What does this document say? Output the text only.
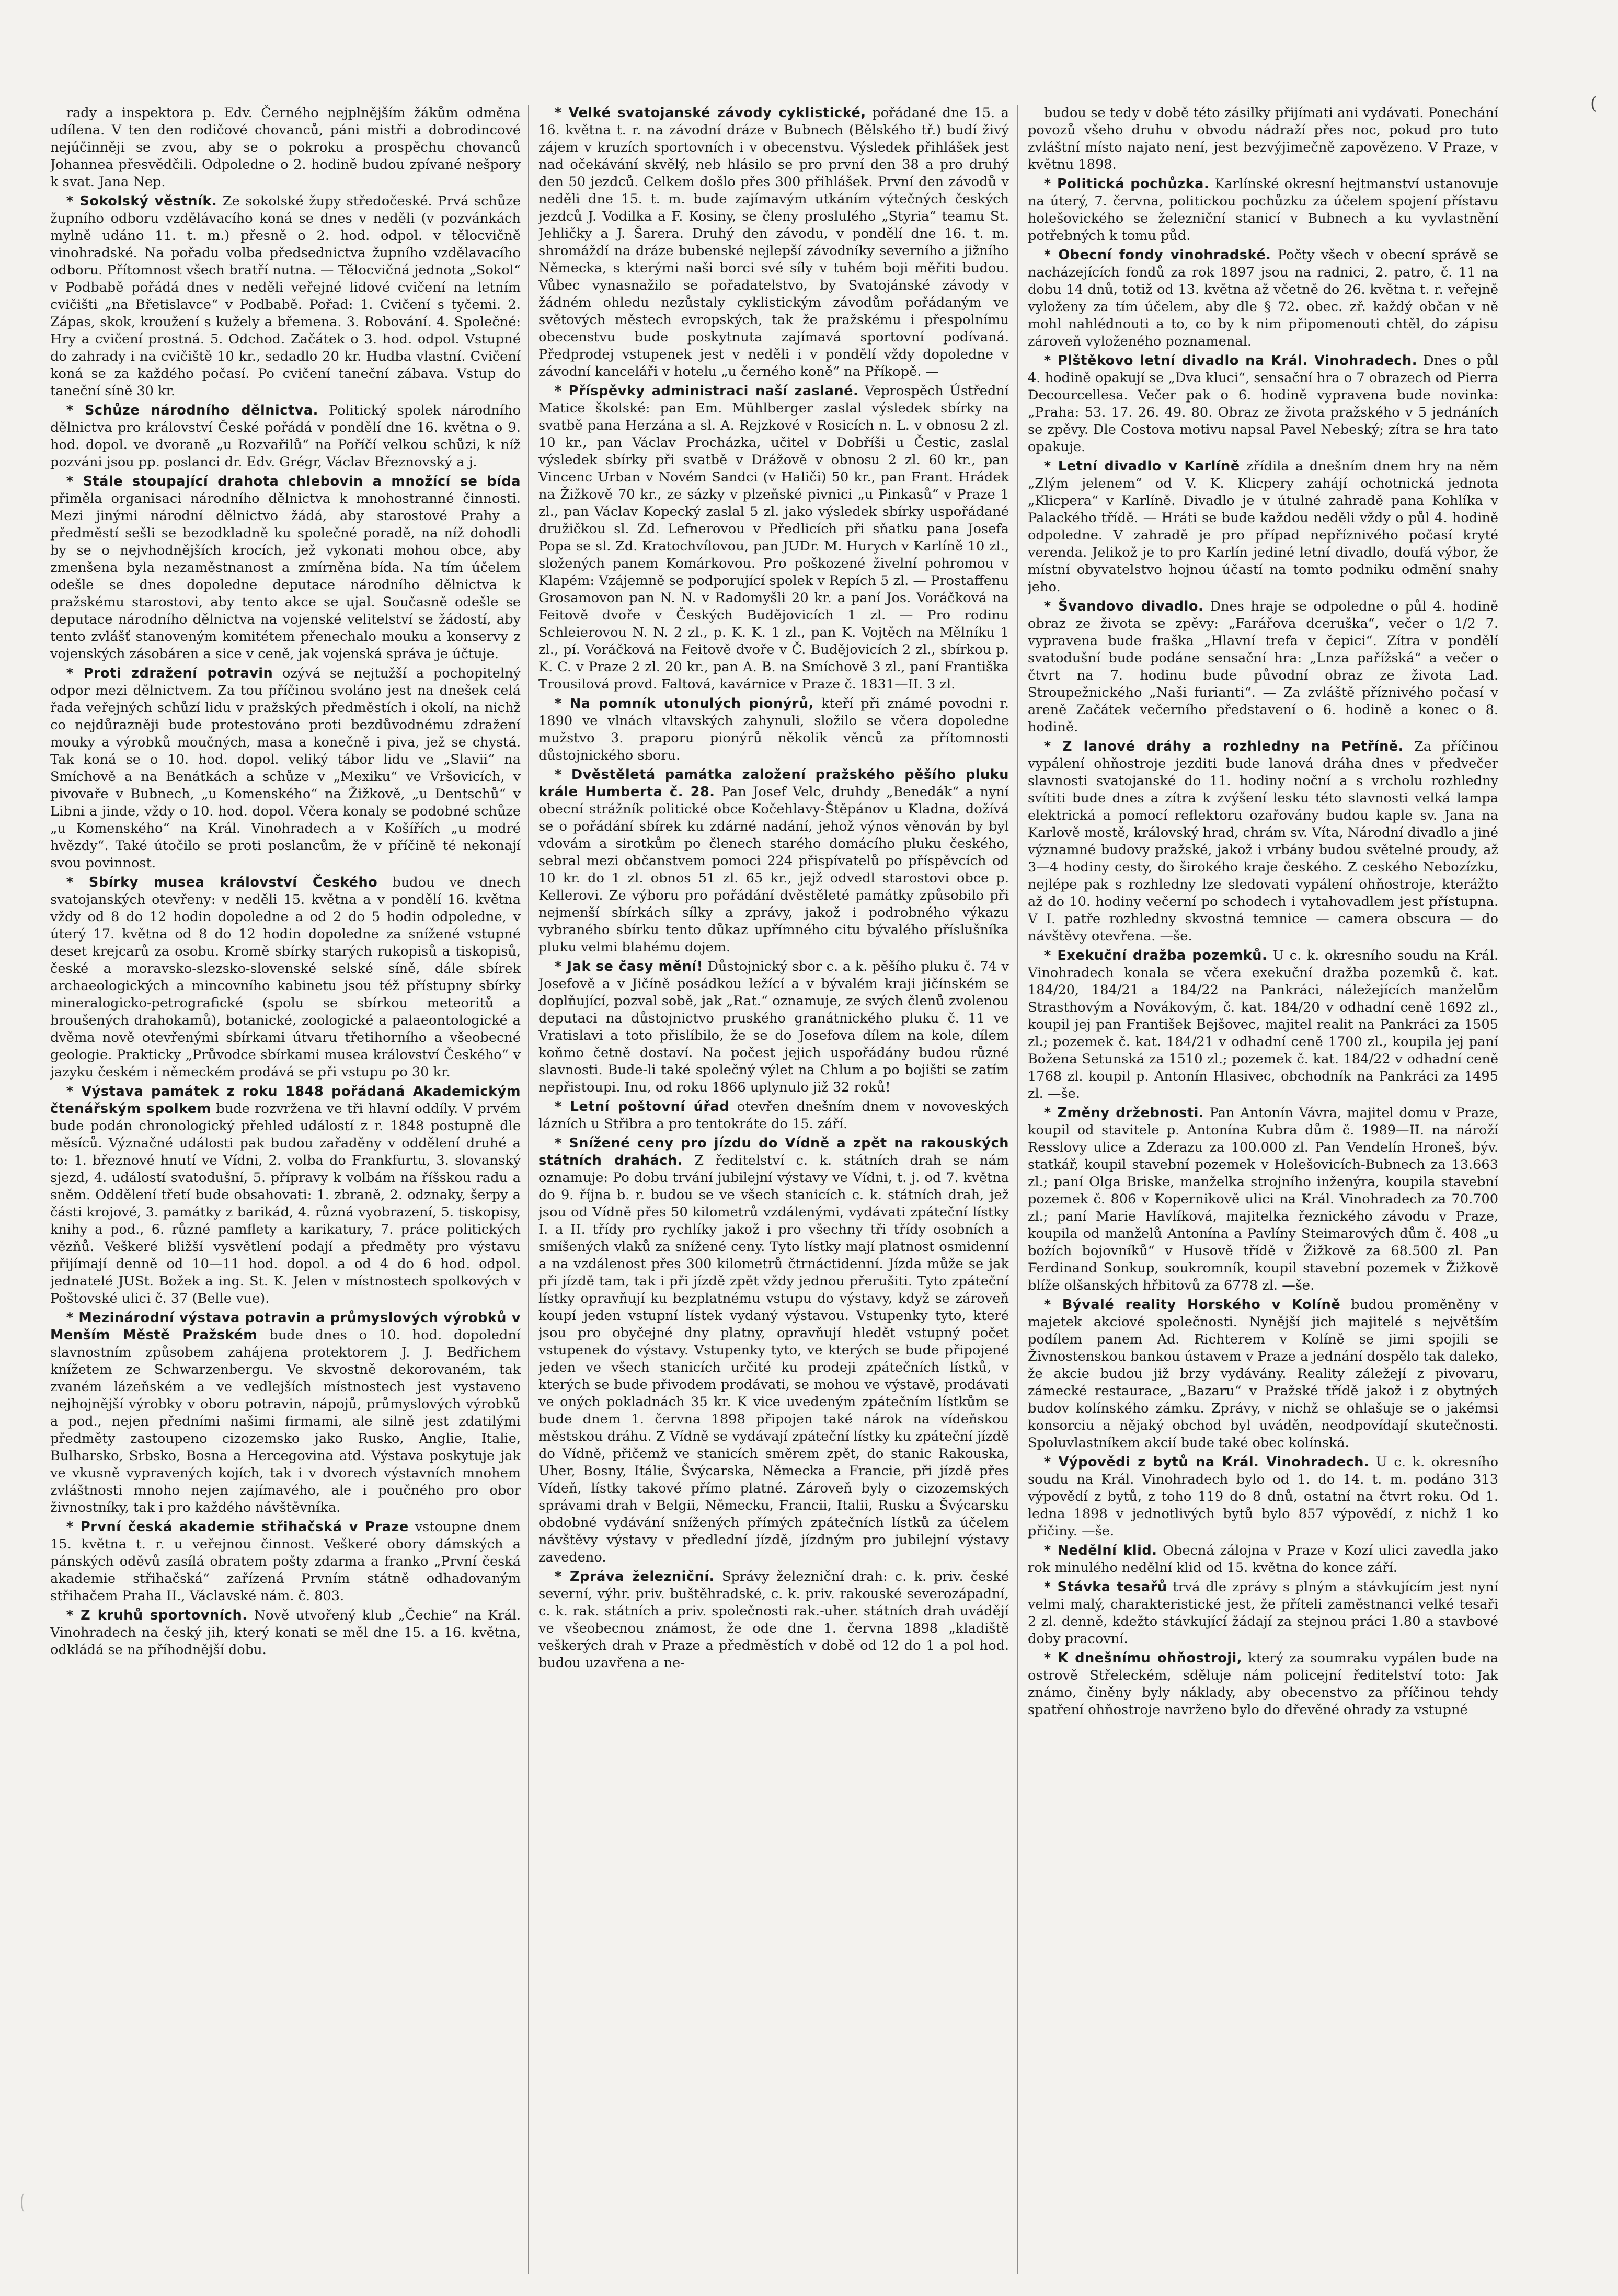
(

rady a inspektora p. Edv. Černého nejplnějším žákům odměna udílena. V ten den rodičové chovanců, páni mistři a dobrodincové nejúčinněji se zvou, aby se o pokroku a prospěchu chovanců Johannea přesvědčili. Odpoledne o 2. hodině budou zpívané nešpory k svat. Jana Nep.

* Sokolský věstník. Ze sokolské župy středočeské. Prvá schůze župního odboru vzdělávacího koná se dnes v neděli (v pozvánkách mylně udáno 11. t. m.) přesně o 2. hod. odpol. v tělocvičně vinohradské. Na pořadu volba předsednictva župního vzdělavacího odboru. Přítomnost všech bratří nutna. — Tělocvičná jednota „Sokol“ v Podbabě pořádá dnes v neděli veřejné lidové cvičení na letním cvičišti „na Břetislavce“ v Podbabě. Pořad: 1. Cvičení s tyčemi. 2. Zápas, skok, kroužení s kužely a břemena. 3. Robování. 4. Společné: Hry a cvičení prostná. 5. Odchod. Začátek o 3. hod. odpol. Vstupné do zahrady i na cvičiště 10 kr., sedadlo 20 kr. Hudba vlastní. Cvičení koná se za každého počasí. Po cvičení taneční zábava. Vstup do taneční síně 30 kr.

* Schůze národního dělnictva. Politický spolek národního dělnictva pro království České pořádá v pondělí dne 16. května o 9. hod. dopol. ve dvoraně „u Rozvařilů“ na Poříčí velkou schůzi, k níž pozváni jsou pp. poslanci dr. Edv. Grégr, Václav Březnovský a j.

* Stále stoupající drahota chlebovin a množící se bída přiměla organisaci národního dělnictva k mnohostranné činnosti. Mezi jinými národní dělnictvo žádá, aby starostové Prahy a předměstí sešli se bezodkladně ku společné poradě, na níž dohodli by se o nejvhodnějších krocích, jež vykonati mohou obce, aby zmenšena byla nezaměstnanost a zmírněna bída. Na tím účelem odešle se dnes dopoledne deputace národního dělnictva k pražskému starostovi, aby tento akce se ujal. Současně odešle se deputace národního dělnictva na vojenské velitelství se žádostí, aby tento zvlášť stanoveným komitétem přenechalo mouku a konservy z vojenských zásobáren a sice v ceně, jak vojenská správa je účtuje.

* Proti zdražení potravin ozývá se nejtužší a pochopitelný odpor mezi dělnictvem. Za tou příčinou svoláno jest na dnešek celá řada veřejných schůzí lidu v pražských předměstích i okolí, na nichž co nejdůrazněji bude protestováno proti bezdůvodnému zdražení mouky a výrobků moučných, masa a konečně i piva, jež se chystá. Tak koná se o 10. hod. dopol. veliký tábor lidu ve „Slavii“ na Smíchově a na Benátkách a schůze v „Mexiku“ ve Vršovicích, v pivovaře v Bubnech, „u Komenského“ na Žižkově, „u Dentschů“ v Libni a jinde, vždy o 10. hod. dopol. Včera konaly se podobné schůze „u Komenského“ na Král. Vinohradech a v Košířích „u modré hvězdy“. Také útočilo se proti poslancům, že v příčině té nekonají svou povinnost.

* Sbírky musea království Českého budou ve dnech svatojanských otevřeny: v neděli 15. května a v pondělí 16. května vždy od 8 do 12 hodin dopoledne a od 2 do 5 hodin odpoledne, v úterý 17. května od 8 do 12 hodin dopoledne za snížené vstupné deset krejcarů za osobu. Kromě sbírky starých rukopisů a tiskopisů, české a moravsko-slezsko-slovenské selské síně, dále sbírek archaeologických a mincovního kabinetu jsou též přístupny sbírky mineralogicko-petrografické (spolu se sbírkou meteoritů a broušených drahokamů), botanické, zoologické a palaeontologické a dvěma nově otevřenými sbírkami útvaru třetihorního a všeobecné geologie. Prakticky „Průvodce sbírkami musea království Českého“ v jazyku českém i německém prodává se při vstupu po 30 kr.

* Výstava památek z roku 1848 pořádaná Akademickým čtenářským spolkem bude rozvržena ve tři hlavní oddíly. V prvém bude podán chronologický přehled událostí z r. 1848 postupně dle měsíců. Význačné události pak budou zařaděny v oddělení druhé a to: 1. březnové hnutí ve Vídni, 2. volba do Frankfurtu, 3. slovanský sjezd, 4. událostí svatodušní, 5. přípravy k volbám na říšskou radu a sněm. Oddělení třetí bude obsahovati: 1. zbraně, 2. odznaky, šerpy a části krojové, 3. památky z barikád, 4. různá vyobrazení, 5. tiskopisy, knihy a pod., 6. různé pamflety a karikatury, 7. práce politických vězňů. Veškeré bližší vysvětlení podají a předměty pro výstavu přijímají denně od 10—11 hod. dopol. a od 4 do 6 hod. odpol. jednatelé JUSt. Božek a ing. St. K. Jelen v místnostech spolkových v Poštovské ulici č. 37 (Belle vue).

* Mezinárodní výstava potravin a průmyslových výrobků v Menším Městě Pražském bude dnes o 10. hod. dopolední slavnostním způsobem zahájena protektorem J. J. Bedřichem knížetem ze Schwarzenbergu. Ve skvostně dekorovaném, tak zvaném lázeňském a ve vedlejších místnostech jest vystaveno nejhojnější výrobky v oboru potravin, nápojů, průmyslových výrobků a pod., nejen předními našimi firmami, ale silně jest zdatilými předměty zastoupeno cizozemsko jako Rusko, Anglie, Italie, Bulharsko, Srbsko, Bosna a Hercegovina atd. Výstava poskytuje jak ve vkusně vypravených kojích, tak i v dvorech výstavních mnohem zvláštnosti mnoho nejen zajímavého, ale i poučného pro obor živnostníky, tak i pro každého návštěvníka.

* První česká akademie střihačská v Praze vstoupne dnem 15. května t. r. u veřejnou činnost. Veškeré obory dámských a pánských oděvů zasílá obratem pošty zdarma a franko „První česká akademie střihačská“ zařízená Prvním státně odhadovaným střihačem Praha II., Václavské nám. č. 803.

* Z kruhů sportovních. Nově utvořený klub „Čechie“ na Král. Vinohradech na český jih, který konati se měl dne 15. a 16. května, odkládá se na příhodnější dobu.

* Velké svatojanské závody cyklistické, pořádané dne 15. a 16. května t. r. na závodní dráze v Bubnech (Bělského tř.) budí živý zájem v kruzích sportovních i v obecenstvu. Výsledek přihlášek jest nad očekávání skvělý, neb hlásilo se pro první den 38 a pro druhý den 50 jezdců. Celkem došlo přes 300 přihlášek. První den závodů v neděli dne 15. t. m. bude zajímavým utkáním výtečných českých jezdců J. Vodilka a F. Kosiny, se členy proslulého „Styria“ teamu St. Jehličky a J. Šarera. Druhý den závodu, v pondělí dne 16. t. m. shromáždí na dráze bubenské nejlepší závodníky severního a jižního Německa, s kterými naši borci své síly v tuhém boji měřiti budou. Vůbec vynasnažilo se pořadatelstvo, by Svatojánské závody v žádném ohledu nezůstaly cyklistickým závodům pořádaným ve světových městech evropských, tak že pražskému i přespolnímu obecenstvu bude poskytnuta zajímavá sportovní podívaná. Předprodej vstupenek jest v neděli i v pondělí vždy dopoledne v závodní kanceláři v hotelu „u černého koně“ na Příkopě. —

* Příspěvky administraci naší zaslané. Veprospěch Ústřední Matice školské: pan Em. Mühlberger zaslal výsledek sbírky na svatbě pana Herzána a sl. A. Rejzkové v Rosicích n. L. v obnosu 2 zl. 10 kr., pan Václav Procházka, učitel v Dobříši u Čestic, zaslal výsledek sbírky při svatbě v Drážově v obnosu 2 zl. 60 kr., pan Vincenc Urban v Novém Sandci (v Haliči) 50 kr., pan Frant. Hrádek na Žižkově 70 kr., ze sázky v plzeňské pivnici „u Pinkasů“ v Praze 1 zl., pan Václav Kopecký zaslal 5 zl. jako výsledek sbírky uspořádané družičkou sl. Zd. Lefnerovou v Předlicích při sňatku pana Josefa Popa se sl. Zd. Kratochvílovou, pan JUDr. M. Hurych v Karlíně 10 zl., složených panem Komárkovou. Pro poškozené živelní pohromou v Klapém: Vzájemně se podporující spolek v Repích 5 zl. — Prostaffenu Grosamovon pan N. N. v Radomyšli 20 kr. a paní Jos. Voráčková na Feitově dvoře v Českých Budějovicích 1 zl. — Pro rodinu Schleierovou N. N. 2 zl., p. K. K. 1 zl., pan K. Vojtěch na Mělníku 1 zl., pí. Voráčková na Feitově dvoře v Č. Budějovicích 2 zl., sbírkou p. K. C. v Praze 2 zl. 20 kr., pan A. B. na Smíchově 3 zl., paní Františka Trousilová provd. Faltová, kavárnice v Praze č. 1831—II. 3 zl.

* Na pomník utonulých pionýrů, kteří při známé povodni r. 1890 ve vlnách vltavských zahynuli, složilo se včera dopoledne mužstvo 3. praporu pionýrů několik věnců za přítomnosti důstojnického sboru.

* Dvěstěletá památka založení pražského pěšího pluku krále Humberta č. 28. Pan Josef Velc, druhdy „Benedák“ a nyní obecní strážník politické obce Kočehlavy-Štěpánov u Kladna, dožívá se o pořádání sbírek ku zdárné nadání, jehož výnos věnován by byl vdovám a sirotkům po členech starého domácího pluku českého, sebral mezi občanstvem pomoci 224 přispívatelů po příspěvcích od 10 kr. do 1 zl. obnos 51 zl. 65 kr., jejž odvedl starostovi obce p. Kellerovi. Ze výboru pro pořádání dvěstěleté památky způsobilo při nejmenší sbírkách sílky a zprávy, jakož i podrobného výkazu vybraného sbírku tento důkaz upřímného citu bývalého příslušníka pluku velmi blahému dojem.

* Jak se časy mění! Důstojnický sbor c. a k. pěšího pluku č. 74 v Josefově a v Jičíně posádkou ležící a v bývalém kraji jičínském se doplňující, pozval sobě, jak „Rat.“ oznamuje, ze svých členů zvolenou deputaci na důstojnictvo pruského granátnického pluku č. 11 ve Vratislavi a toto přislíbilo, že se do Josefova dílem na kole, dílem koňmo četně dostaví. Na počest jejich uspořádány budou různé slavnosti. Bude-li také společný výlet na Chlum a po bojišti se zatím nepřistoupi. Inu, od roku 1866 uplynulo již 32 roků!

* Letní poštovní úřad otevřen dnešním dnem v novoveských lázních u Střibra a pro tentokráte do 15. září.

* Snížené ceny pro jízdu do Vídně a zpět na rakouských státních drahách. Z ředitelství c. k. státních drah se nám oznamuje: Po dobu trvání jubilejní výstavy ve Vídni, t. j. od 7. května do 9. října b. r. budou se ve všech stanicích c. k. státních drah, jež jsou od Vídně přes 50 kilometrů vzdálenými, vydávati zpáteční lístky I. a II. třídy pro rychlíky jakož i pro všechny tři třídy osobních a smíšených vlaků za snížené ceny. Tyto lístky mají platnost osmidenní a na vzdálenost přes 300 kilometrů čtrnáctidenní. Jízda může se jak při jízdě tam, tak i při jízdě zpět vždy jednou přerušiti. Tyto zpáteční lístky opravňují ku bezplatnému vstupu do výstavy, když se zároveň koupí jeden vstupní lístek vydaný výstavou. Vstupenky tyto, které jsou pro obyčejné dny platny, opravňují hledět vstupný počet vstupenek do výstavy. Vstupenky tyto, ve kterých se bude připojené jeden ve všech stanicích určité ku prodeji zpátečních lístků, v kterých se bude přivodem prodávati, se mohou ve výstavě, prodávati ve oných pokladnách 35 kr. K vice uvedeným zpátečním lístkům se bude dnem 1. června 1898 připojen také nárok na vídeňskou městskou dráhu. Z Vídně se vydávají zpáteční lístky ku zpáteční jízdě do Vídně, přičemž ve stanicích směrem zpět, do stanic Rakouska, Uher, Bosny, Itálie, Švýcarska, Německa a Francie, při jízdě přes Vídeň, lístky takové přímo platné. Zároveň byly o cizozemských správami drah v Belgii, Německu, Francii, Italii, Rusku a Švýcarsku obdobné vydávání snížených přímých zpátečních lístků za účelem návštěvy výstavy v předlední jízdě, jízdným pro jubilejní výstavy zavedeno.

* Zpráva železniční. Správy železniční drah: c. k. priv. české severní, výhr. priv. buštěhradské, c. k. priv. rakouské severozápadní, c. k. rak. státních a priv. společnosti rak.-uher. státních drah uvádějí ve všeobecnou známost, že ode dne 1. června 1898 „kladiště veškerých drah v Praze a předměstích v době od 12 do 1 a pol hod. budou uzavřena a ne-

budou se tedy v době této zásilky přijímati ani vydávati. Ponechání povozů všeho druhu v obvodu nádraží přes noc, pokud pro tuto zvláštní místo najato není, jest bezvýjimečně zapovězeno. V Praze, v květnu 1898.

* Politická pochůzka. Karlínské okresní hejtmanství ustanovuje na úterý, 7. června, politickou pochůzku za účelem spojení přístavu holešovického se železniční stanicí v Bubnech a ku vyvlastnění potřebných k tomu půd.

* Obecní fondy vinohradské. Počty všech v obecní správě se nacházejících fondů za rok 1897 jsou na radnici, 2. patro, č. 11 na dobu 14 dnů, totiž od 13. května až včetně do 26. května t. r. veřejně vyloženy za tím účelem, aby dle § 72. obec. zř. každý občan v ně mohl nahlédnouti a to, co by k nim připomenouti chtěl, do zápisu zároveň vyloženého poznamenal.

* Plštěkovo letní divadlo na Král. Vinohradech. Dnes o půl 4. hodině opakují se „Dva kluci“, sensační hra o 7 obrazech od Pierra Decourcellesa. Večer pak o 6. hodině vypravena bude novinka: „Praha: 53. 17. 26. 49. 80. Obraz ze života pražského v 5 jednáních se zpěvy. Dle Costova motivu napsal Pavel Nebeský; zítra se hra tato opakuje.

* Letní divadlo v Karlíně zřídila a dnešním dnem hry na něm „Zlým jelenem“ od V. K. Klicpery zahájí ochotnická jednota „Klicpera“ v Karlíně. Divadlo je v útulné zahradě pana Kohlíka v Palackého třídě. — Hráti se bude každou neděli vždy o půl 4. hodině odpoledne. V zahradě je pro případ nepříznivého počasí kryté verenda. Jelikož je to pro Karlín jediné letní divadlo, doufá výbor, že místní obyvatelstvo hojnou účastí na tomto podniku odmění snahy jeho.

* Švandovo divadlo. Dnes hraje se odpoledne o půl 4. hodině obraz ze života se zpěvy: „Farářova dceruška“, večer o 1/2 7. vypravena bude fraška „Hlavní trefa v čepici“. Zítra v pondělí svatodušní bude podáne sensační hra: „Lnza pařížská“ a večer o čtvrt na 7. hodinu bude původní obraz ze života Lad. Stroupežnického „Naši furianti“. — Za zvláště příznivého počasí v areně Začátek večerního představení o 6. hodině a konec o 8. hodině.

* Z lanové dráhy a rozhledny na Petříně. Za příčinou vypálení ohňostroje jezditi bude lanová dráha dnes v předvečer slavnosti svatojanské do 11. hodiny noční a s vrcholu rozhledny svítiti bude dnes a zítra k zvýšení lesku této slavnosti velká lampa elektrická a pomocí reflektoru ozařovány budou kaple sv. Jana na Karlově mostě, královský hrad, chrám sv. Víta, Národní divadlo a jiné významné budovy pražské, jakož i vrbány budou světelné proudy, až 3—4 hodiny cesty, do širokého kraje českého. Z ceského Nebozízku, nejlépe pak s rozhledny lze sledovati vypálení ohňostroje, kterážto až do 10. hodiny večerní po schodech i vytahovadlem jest přístupna. V I. patře rozhledny skvostná temnice — camera obscura — do návštěvy otevřena. —še.

* Exekuční dražba pozemků. U c. k. okresního soudu na Král. Vinohradech konala se včera exekuční dražba pozemků č. kat. 184/20, 184/21 a 184/22 na Pankráci, náležejících manželům Strasthovým a Novákovým, č. kat. 184/20 v odhadní ceně 1692 zl., koupil jej pan František Bejšovec, majitel realit na Pankráci za 1505 zl.; pozemek č. kat. 184/21 v odhadní ceně 1700 zl., koupila jej paní Božena Setunská za 1510 zl.; pozemek č. kat. 184/22 v odhadní ceně 1768 zl. koupil p. Antonín Hlasivec, obchodník na Pankráci za 1495 zl. —še.

* Změny držebnosti. Pan Antonín Vávra, majitel domu v Praze, koupil od stavitele p. Antonína Kubra dům č. 1989—II. na nároží Resslovy ulice a Zderazu za 100.000 zl. Pan Vendelín Hroneš, býv. statkář, koupil stavební pozemek v Holešovicích-Bubnech za 13.663 zl.; paní Olga Briske, manželka strojního inženýra, koupila stavební pozemek č. 806 v Kopernikově ulici na Král. Vinohradech za 70.700 zl.; paní Marie Havlíková, majitelka řeznického závodu v Praze, koupila od manželů Antonína a Pavlíny Steimarových dům č. 408 „u bożích bojovníků“ v Husově třídě v Žižkově za 68.500 zl. Pan Ferdinand Sonkup, soukromník, koupil stavební pozemek v Žižkově blíže olšanských hřbitovů za 6778 zl. —še.

* Bývalé reality Horského v Kolíně budou proměněny v majetek akciové společnosti. Nynější jich majitelé s největším podílem panem Ad. Richterem v Kolíně se jimi spojili se Živnostenskou bankou ústavem v Praze a jednání dospělo tak daleko, že akcie budou již brzy vydávány. Reality záležejí z pivovaru, zámecké restaurace, „Bazaru“ v Pražské třídě jakož i z obytných budov kolínského zámku. Zprávy, v nichž se ohlašuje se o jakémsi konsorciu a nějaký obchod byl uváděn, neodpovídají skutečnosti. Spoluvlastníkem akcií bude také obec kolínská.

* Výpovědi z bytů na Král. Vinohradech. U c. k. okresního soudu na Král. Vinohradech bylo od 1. do 14. t. m. podáno 313 výpovědí z bytů, z toho 119 do 8 dnů, ostatní na čtvrt roku. Od 1. ledna 1898 v jednotlivých bytů bylo 857 výpovědí, z nichž 1 ko přičiny. —še.

* Nedělní klid. Obecná zálojna v Praze v Kozí ulici zavedla jako rok minulého nedělní klid od 15. května do konce září.

* Stávka tesařů trvá dle zprávy s plným a stávkujícím jest nyní velmi malý, charakteristické jest, že příteli zaměstnanci velké tesaři 2 zl. denně, kdežto stávkující žádají za stejnou práci 1.80 a stavbové doby pracovní.

* K dnešnímu ohňostroji, který za soumraku vypálen bude na ostrově Střeleckém, sděluje nám policejní ředitelství toto: Jak známo, činěny byly náklady, aby obecenstvo za příčinou tehdy spatření ohňostroje navrženo bylo do dřevěné ohrady za vstupné
